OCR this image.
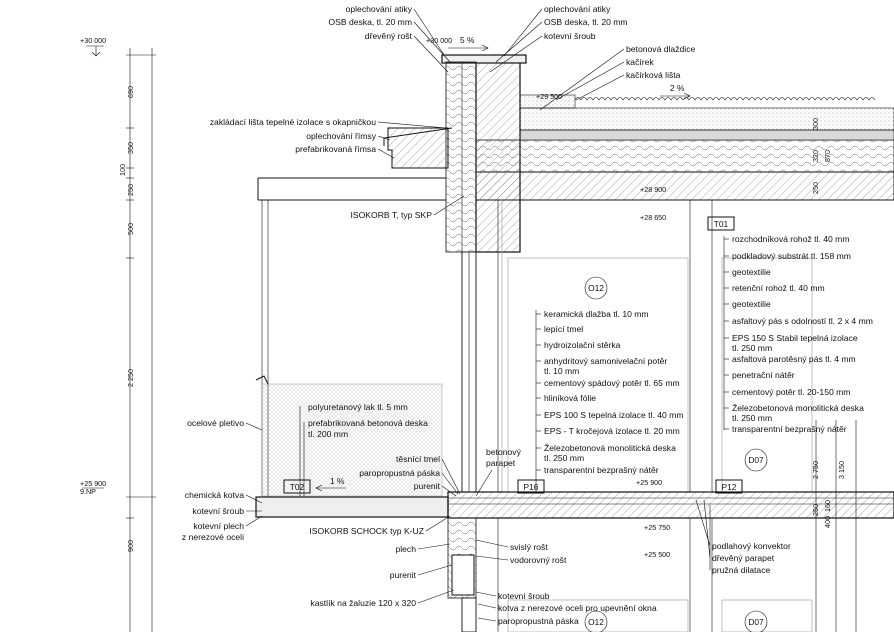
+30 000	+30 000
+29 500
+28 900
+28 650
+25 900
9.NP
+25 900
+25 750
+25 500
5 %
2 %
1 %
690
350
100
250
500
2 250
900
300
320 870
250
2 750 3 150
250 160
400
O12
T01
D07
T02	P16	P12
O12	D07
oplechování atiky
OSB deska, tl. 20 mm
dřevěný rošt
zakládací lišta tepelné izolace s okapničkou
oplechování římsy
prefabrikovaná římsa
ISOKORB T, typ SKP
ocelové pletivo
chemická kotva
kotevní šroub
kotevní plech
z nerezové oceli
ISOKORB SCHOCK typ K-UZ
plech
purenit
kastlík na žaluzie 120 x 320
oplechování atiky
OSB deska, tl. 20 mm
kotevní šroub
betonová dlaždice
kačírek
kačírková lišta
polyuretanový lak tl. 5 mm
prefabrikovaná betonová deska
tl. 200 mm
těsnící tmel
paropropustná páska
purenit
betonový
parapet
keramická dlažba tl. 10 mm
lepící tmel
hydroizolační stěrka
anhydritový samonivelační potěr
tl. 10 mm
cementový spádový potěr tl. 65 mm
hliníková fólie
EPS 100 S tepelná izolace tl. 40 mm
EPS - T kročejová izolace tl. 20 mm
Železobetonová monolitická deska
tl. 250 mm
transparentní bezprašný nátěr
rozchodníková rohož tl. 40 mm
podkladový substrát tl. 158 mm
geotextilie
retenční rohož tl. 40 mm
geotextilie
asfaltový pás s odolností tl. 2 x 4 mm
EPS 150 S Stabil tepelná izolace
tl. 250 mm
asfaltová parotěsný pás tl. 4 mm
penetrační nátěr
cementový potěr tl. 20-150 mm
Železobetonová monolitická deska
tl. 250 mm
transparentní bezprašný nátěr
svislý rošt
vodorovný rošt
kotevní šroub
kotva z nerezové oceli pro upevnění okna
paropropustná páska
podlahový konvektor
dřevěný parapet
pružná dilatace
